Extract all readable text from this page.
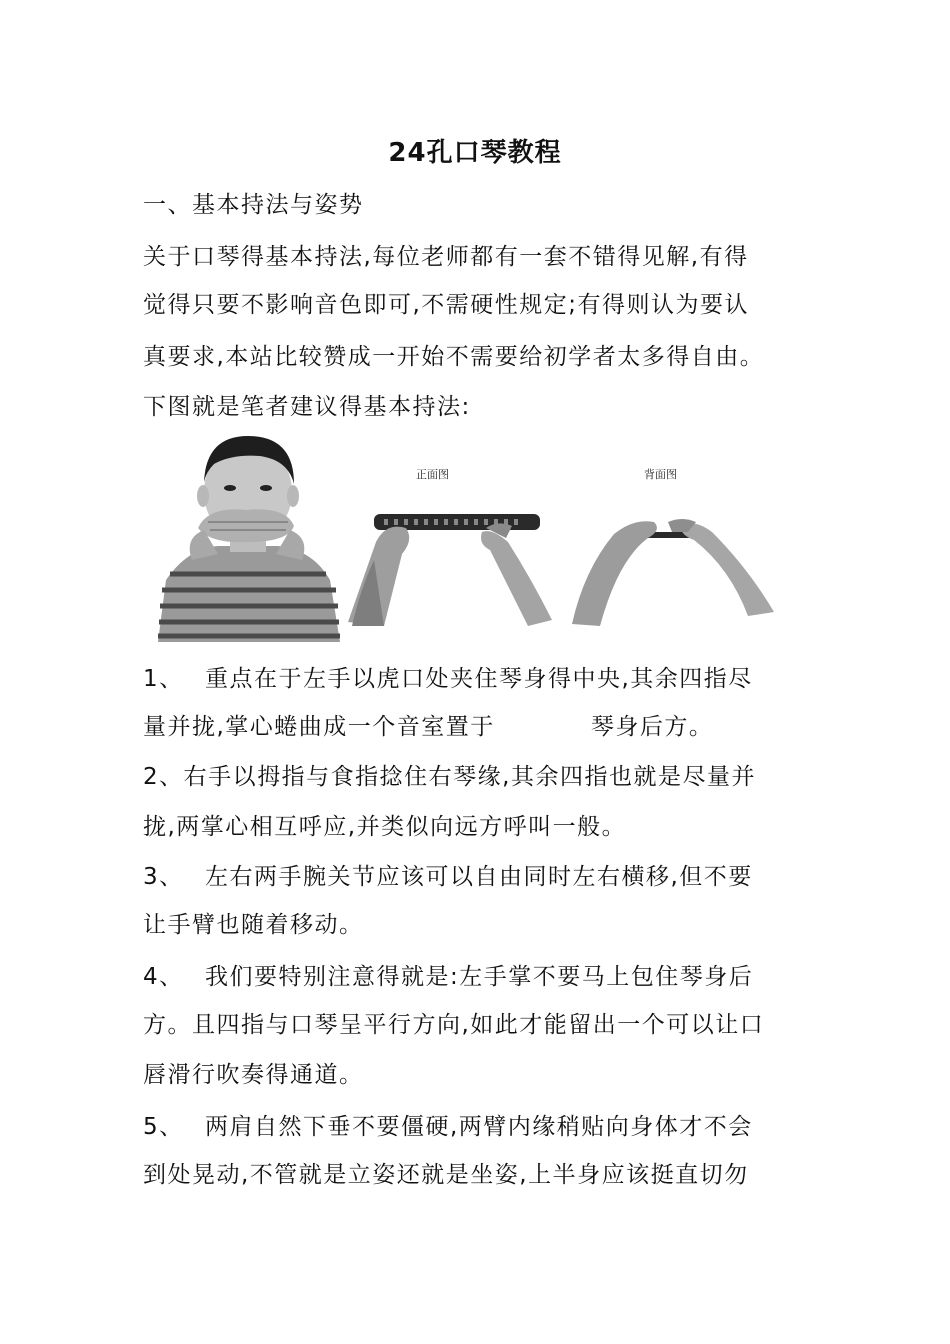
24孔口琴教程
一、基本持法与姿势
关于口琴得基本持法,每位老师都有一套不错得见解,有得
觉得只要不影响音色即可,不需硬性规定;有得则认为要认
真要求,本站比较赞成一开始不需要给初学者太多得自由。
下图就是笔者建议得基本持法:
正面图	背面图
1、 重点在于左手以虎口处夹住琴身得中央,其余四指尽
量并拢,掌心蜷曲成一个音室置于	琴身后方。
2、右手以拇指与食指捻住右琴缘,其余四指也就是尽量并
拢,两掌心相互呼应,并类似向远方呼叫一般。
3、 左右两手腕关节应该可以自由同时左右横移,但不要
让手臂也随着移动。
4、 我们要特别注意得就是:左手掌不要马上包住琴身后
方。且四指与口琴呈平行方向,如此才能留出一个可以让口
唇滑行吹奏得通道。
5、 两肩自然下垂不要僵硬,两臂内缘稍贴向身体才不会
到处晃动,不管就是立姿还就是坐姿,上半身应该挺直切勿
